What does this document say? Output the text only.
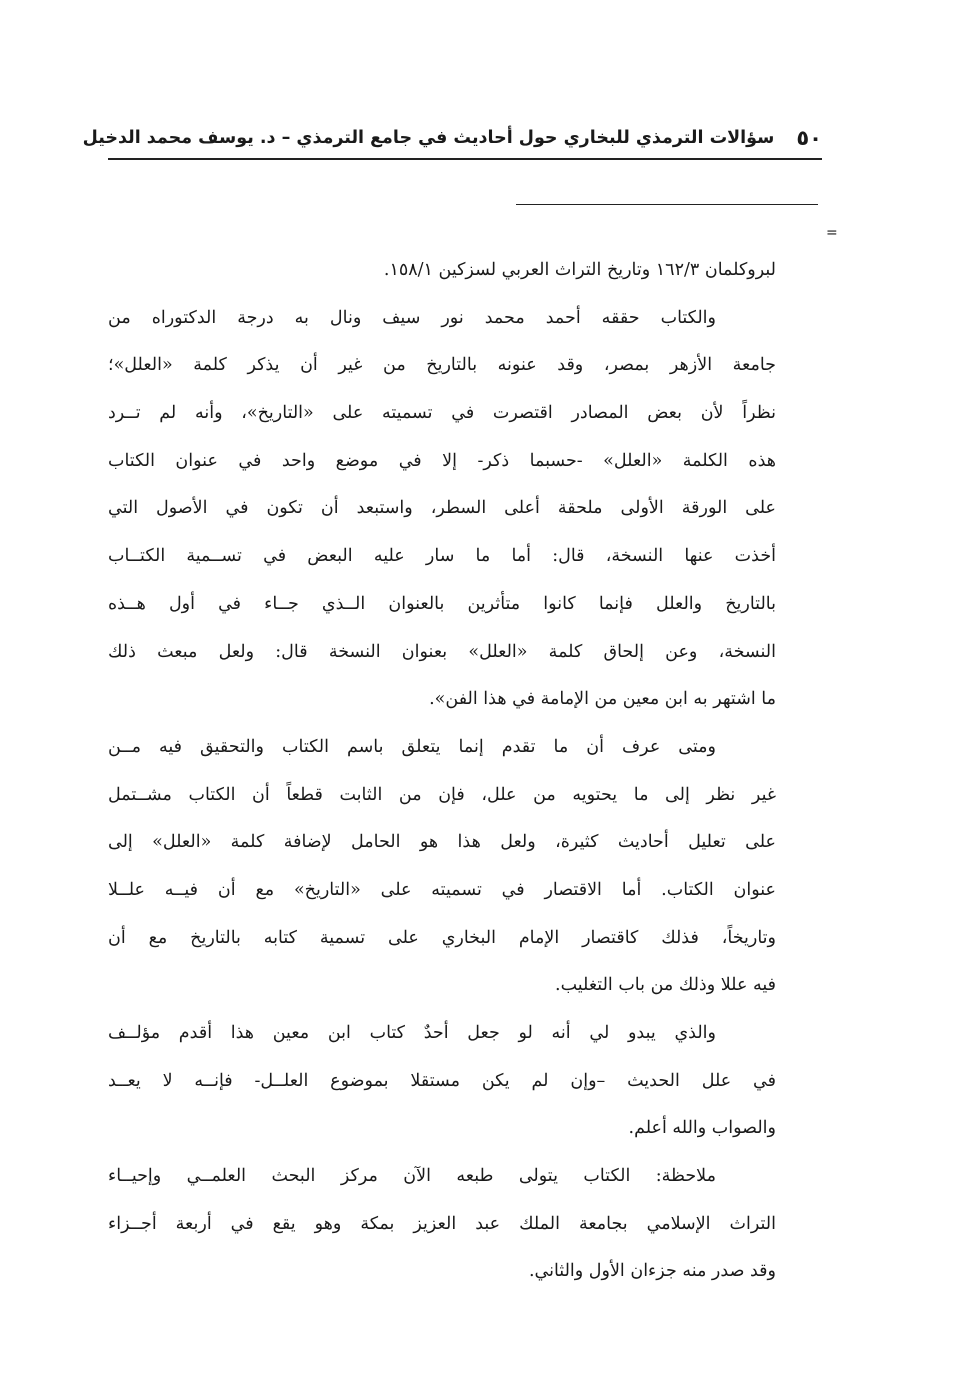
٥٠
سؤالات الترمذي للبخاري حول أحاديث في جامع الترمذي – د. يوسف محمد الدخيل
=
لبروكلمان ١٦٢/٣ وتاريخ التراث العربي لسزكين ١٥٨/١.
والكتاب حققه أحمد محمد نور سيف ونال به درجة الدكتوراه من
جامعة الأزهر بمصر، وقد عنونه بالتاريخ من غير أن يذكر كلمة «العلل»؛
نظراً لأن بعض المصادر اقتصرت في تسميته على «التاريخ»، وأنه لم تــرد
هذه الكلمة «العلل» -حسبما ذكر- إلا في موضع واحد في عنوان الكتاب
على الورقة الأولى ملحقة أعلى السطر، واستبعد أن تكون في الأصول التي
أخذت عنها النسخة، قال: أما ما سار عليه البعض في تســمية الكتــاب
بالتاريخ والعلل فإنما كانوا متأثرين بالعنوان الــذي جــاء في أول هــذه
النسخة، وعن إلحاق كلمة «العلل» بعنوان النسخة قال: ولعل مبعث ذلك
ما اشتهر به ابن معين من الإمامة في هذا الفن».
ومتى عرف أن ما تقدم إنما يتعلق باسم الكتاب والتحقيق فيه مــن
غير نظر إلى ما يحتويه من علل، فإن من الثابت قطعاً أن الكتاب مشــتمل
على تعليل أحاديث كثيرة، ولعل هذا هو الحامل لإضافة كلمة «العلل» إلى
عنوان الكتاب. أما الاقتصار في تسميته على «التاريخ» مع أن فيــه علــلا
وتاريخاً، فذلك كاقتصار الإمام البخاري على تسمية كتابه بالتاريخ مع أن
فيه عللا وذلك من باب التغليب.
والذي يبدو لي أنه لو جعل أحدٌ كتاب ابن معين هذا أقدم مؤلــف
في علل الحديث –وإن لم يكن مستقلا بموضوع العلــل- فإنــه لا يعــد
والصواب والله أعلم.
ملاحظة: الكتاب يتولى طبعه الآن مركز البحث العلمــي وإحيــاء
التراث الإسلامي بجامعة الملك عبد العزيز بمكة وهو يقع في أربعة أجــزاء
وقد صدر منه جزءان الأول والثاني.
